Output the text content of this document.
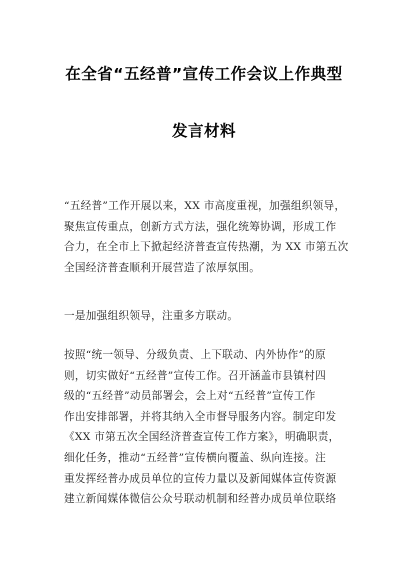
在全省“五经普”宣传工作会议上作典型
发言材料
“五经普”工作开展以来，XX 市高度重视，加强组织领导，
聚焦宣传重点，创新方式方法，强化统筹协调，形成工作
合力，在全市上下掀起经济普查宣传热潮，为 XX 市第五次
全国经济普查顺利开展营造了浓厚氛围。
一是加强组织领导，注重多方联动。
按照“统一领导、分级负责、上下联动、内外协作”的原
则，切实做好“五经普”宣传工作。召开涵盖市县镇村四
级的“五经普”动员部署会，会上对“五经普”宣传工作
作出安排部署，并将其纳入全市督导服务内容。制定印发
《XX 市第五次全国经济普查宣传工作方案》，明确职责，
细化任务，推动“五经普”宣传横向覆盖、纵向连接。注
重发挥经普办成员单位的宣传力量以及新闻媒体宣传资源
建立新闻媒体微信公众号联动机制和经普办成员单位联络
